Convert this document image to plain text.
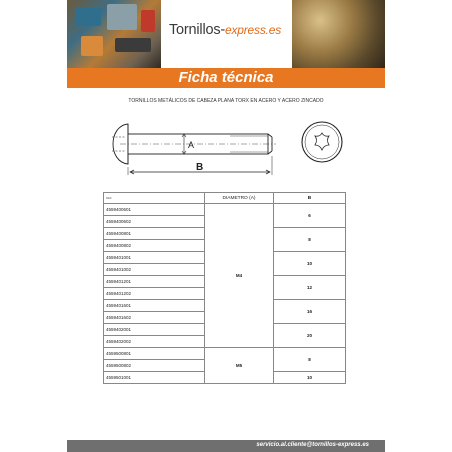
Tornillos-express.es
Ficha técnica
TORNILLOS METÁLICOS DE CABEZA PLANA TORX EN ACERO Y ACERO ZINCADO
A
B
REF	DIAMETRO (A)	B
4559400601	M4	6
4559400602		
4559400801		8
4559400802		
4559401001		10
4559401002		
4559401201		12
4559401202		
4559401601		16
4559401602		
4559402001		20
4559402002		
4559500801	M5	8
4559500802		
4559501001		10
servicio.al.cliente@tornillos-express.es
